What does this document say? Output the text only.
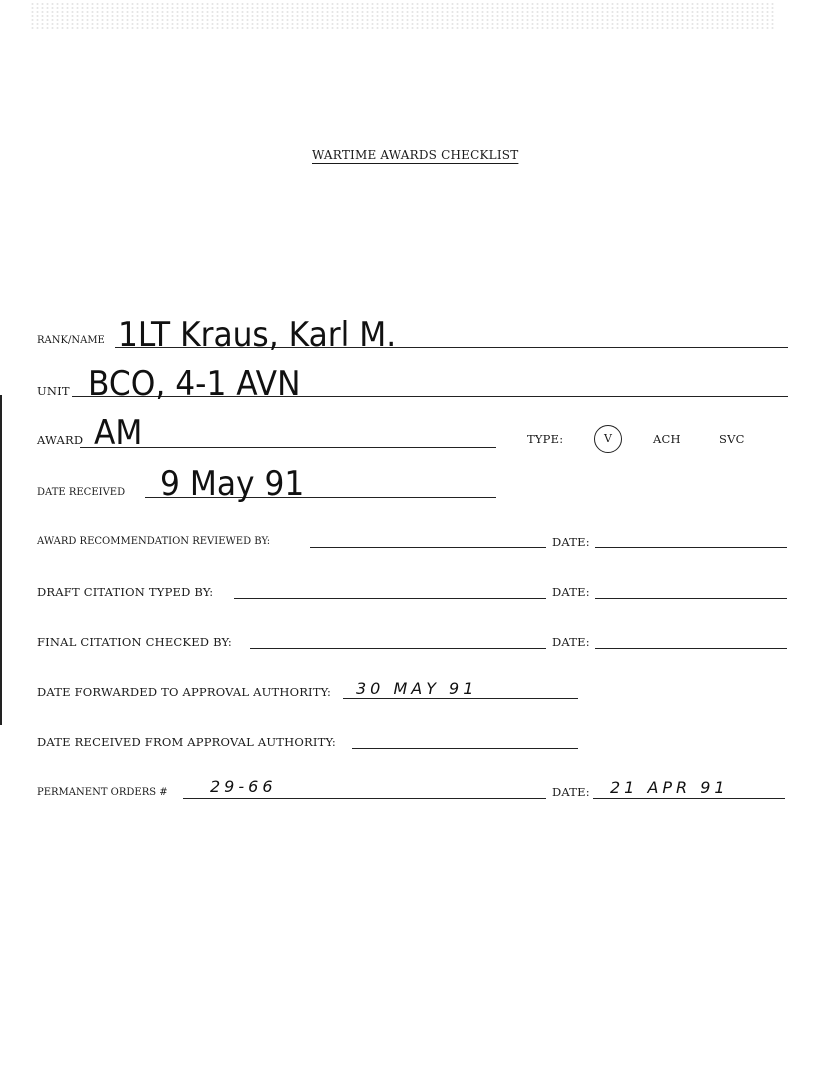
WARTIME AWARDS CHECKLIST
RANK/NAME 1LT Kraus, Karl M.
UNIT BCO, 4-1 AVN
AWARD AM	TYPE:	V	ACH	SVC
DATE RECEIVED 9 May 91
AWARD RECOMMENDATION REVIEWED BY:	DATE:
DRAFT CITATION TYPED BY:	DATE:
FINAL CITATION CHECKED BY:	DATE:
DATE FORWARDED TO APPROVAL AUTHORITY: 30 MAY 91
DATE RECEIVED FROM APPROVAL AUTHORITY:
PERMANENT ORDERS #	29-66	DATE: 21 APR 91
